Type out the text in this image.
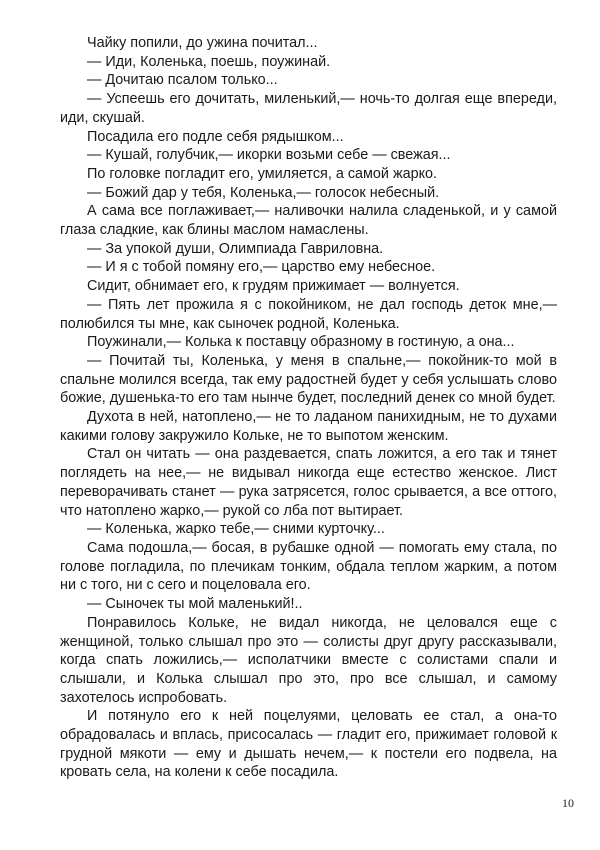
Чайку попили, до ужина почитал...

— Иди, Коленька, поешь, поужинай.

— Дочитаю псалом только...

— Успеешь его дочитать, миленький,— ночь-то долгая еще впереди, иди, скушай.

Посадила его подле себя рядышком...

— Кушай, голубчик,— икорки возьми себе — свежая...

По головке погладит его, умиляется, а самой жарко.

— Божий дар у тебя, Коленька,— голосок небесный.

А сама все поглаживает,— наливочки налила сладенькой, и у самой глаза сладкие, как блины маслом намаслены.

— За упокой души, Олимпиада Гавриловна.

— И я с тобой помяну его,— царство ему небесное.

Сидит, обнимает его, к грудям прижимает — волнуется.

— Пять лет прожила я с покойником, не дал господь деток мне,— полюбился ты мне, как сыночек родной, Коленька.

Поужинали,— Колька к поставцу образному в гостиную, а она...

— Почитай ты, Коленька, у меня в спальне,— покойник-то мой в спальне молился всегда, так ему радостней будет у себя услышать слово божие, душенька-то его там нынче будет, последний денек со мной будет.

Духота в ней, натоплено,— не то ладаном панихидным, не то духами какими голову закружило Кольке, не то выпотом женским.

Стал он читать — она раздевается, спать ложится, а его так и тянет поглядеть на нее,— не видывал никогда еще естество женское. Лист переворачивать станет — рука затрясется, голос срывается, а все оттого, что натоплено жарко,— рукой со лба пот вытирает.

— Коленька, жарко тебе,— сними курточку...

Сама подошла,— босая, в рубашке одной — помогать ему стала, по голове погладила, по плечикам тонким, обдала теплом жарким, а потом ни с того, ни с сего и поцеловала его.

— Сыночек ты мой маленький!..

Понравилось Кольке, не видал никогда, не целовался еще с женщиной, только слышал про это — солисты друг другу рассказывали, когда спать ложились,— исполатчики вместе с солистами спали и слышали, и Колька слышал про это, про все слышал, и самому захотелось испробовать.

И потянуло его к ней поцелуями, целовать ее стал, а она-то обрадовалась и вплась, присосалась — гладит его, прижимает головой к грудной мякоти — ему и дышать нечем,— к постели его подвела, на кровать села, на колени к себе посадила.

10
